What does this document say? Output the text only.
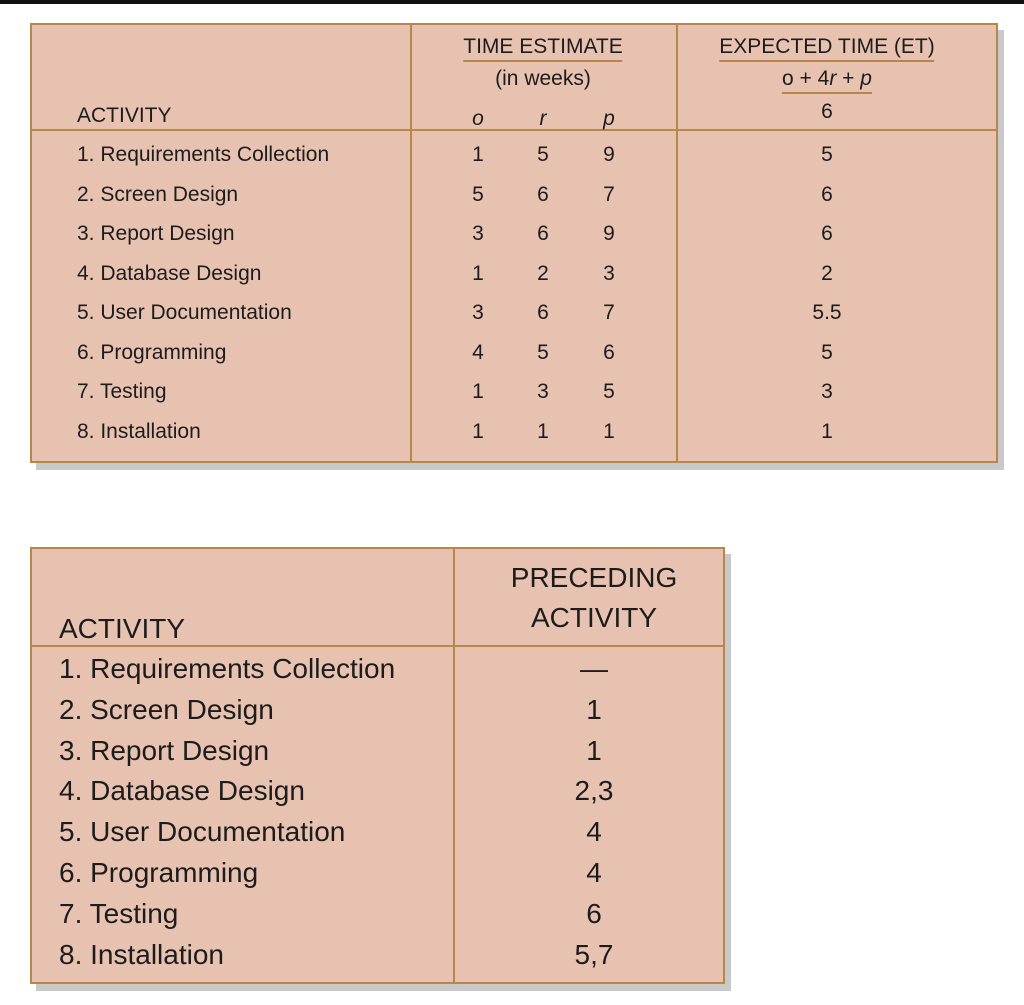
ACTIVITY
TIME ESTIMATE
(in weeks)
o	r	p
EXPECTED TIME (ET)
o + 4r + p
6
1. Requirements Collection	1	5	9	5
2. Screen Design	5	6	7	6
3. Report Design	3	6	9	6
4. Database Design	1	2	3	2
5. User Documentation	3	6	7	5.5
6. Programming	4	5	6	5
7. Testing	1	3	5	3
8. Installation	1	1	1	1
ACTIVITY
PRECEDING
ACTIVITY
1. Requirements Collection	—
2. Screen Design	1
3. Report Design	1
4. Database Design	2,3
5. User Documentation	4
6. Programming	4
7. Testing	6
8. Installation	5,7
